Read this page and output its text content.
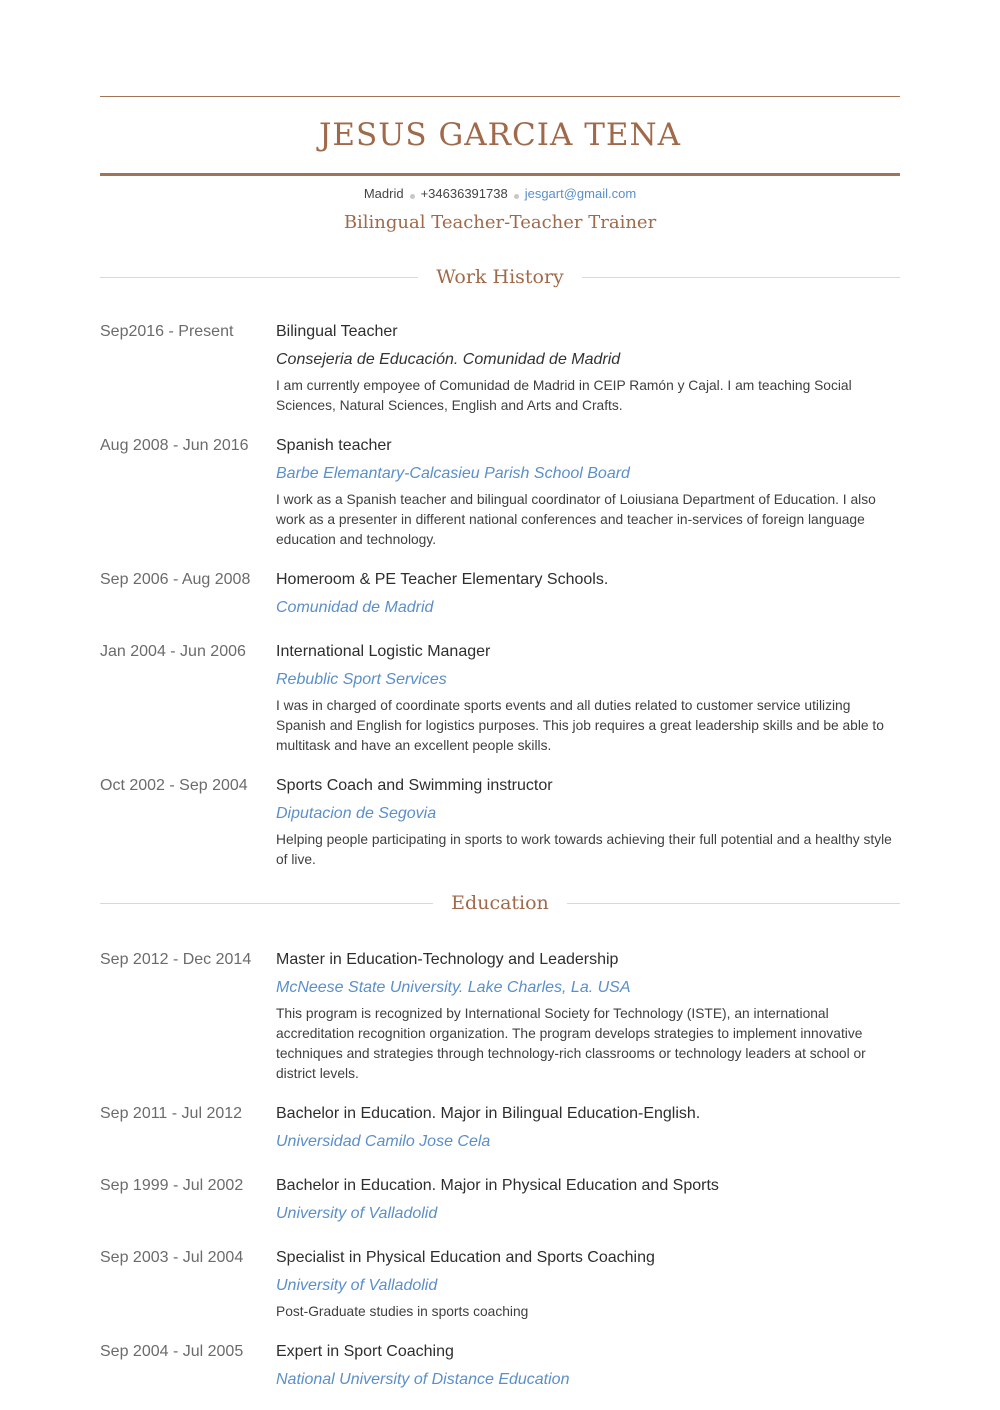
JESUS GARCIA TENA
Madrid +34636391738 jesgart@gmail.com
Bilingual Teacher-Teacher Trainer
Work History
Sep2016 - Present	Bilingual Teacher
Consejeria de Educación. Comunidad de Madrid
I am currently empoyee of Comunidad de Madrid in CEIP Ramón y Cajal. I am teaching Social Sciences, Natural Sciences, English and Arts and Crafts.
Aug 2008 - Jun 2016	Spanish teacher
Barbe Elemantary-Calcasieu Parish School Board
I work as a Spanish teacher and bilingual coordinator of Loiusiana Department of Education. I also work as a presenter in different national conferences and teacher in-services of foreign language education and technology.
Sep 2006 - Aug 2008	Homeroom & PE Teacher Elementary Schools.
Comunidad de Madrid
Jan 2004 - Jun 2006	International Logistic Manager
Rebublic Sport Services
I was in charged of coordinate sports events and all duties related to customer service utilizing Spanish and English for logistics purposes. This job requires a great leadership skills and be able to multitask and have an excellent people skills.
Oct 2002 - Sep 2004	Sports Coach and Swimming instructor
Diputacion de Segovia
Helping people participating in sports to work towards achieving their full potential and a healthy style of live.
Education
Sep 2012 - Dec 2014	Master in Education-Technology and Leadership
McNeese State University. Lake Charles, La. USA
This program is recognized by International Society for Technology (ISTE), an international accreditation recognition organization. The program develops strategies to implement innovative techniques and strategies through technology-rich classrooms or technology leaders at school or district levels.
Sep 2011 - Jul 2012	Bachelor in Education. Major in Bilingual Education-English.
Universidad Camilo Jose Cela
Sep 1999 - Jul 2002	Bachelor in Education. Major in Physical Education and Sports
University of Valladolid
Sep 2003 - Jul 2004	Specialist in Physical Education and Sports Coaching
University of Valladolid
Post-Graduate studies in sports coaching
Sep 2004 - Jul 2005	Expert in Sport Coaching
National University of Distance Education
